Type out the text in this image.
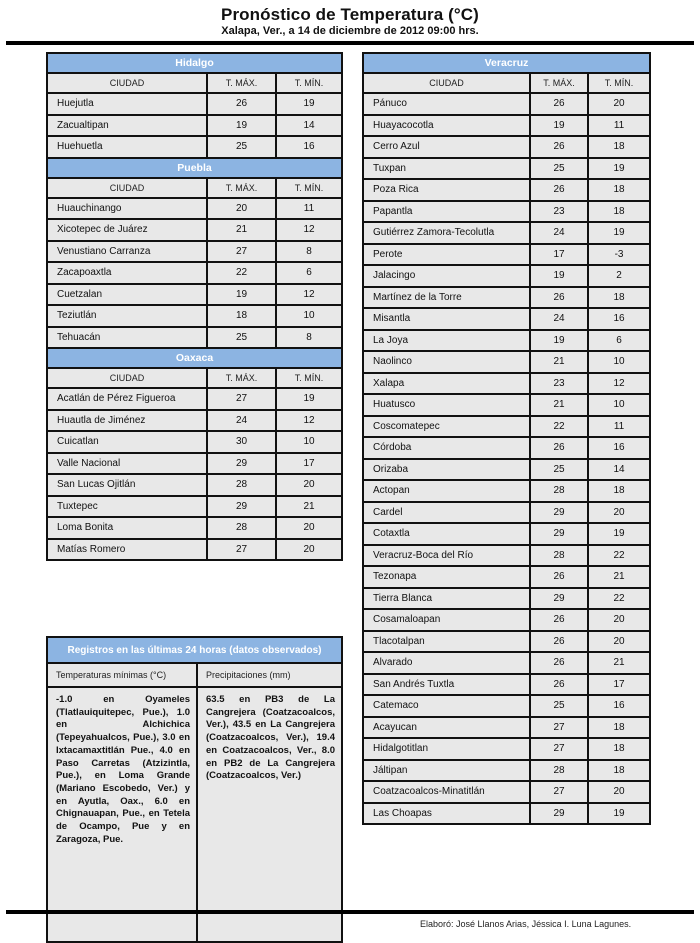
Pronóstico de Temperatura (°C)
Xalapa, Ver., a 14 de diciembre de 2012 09:00 hrs.
Hidalgo		
CIUDAD	T. MÁX.	T. MÍN.
Huejutla	26	19
Zacualtipan	19	14
Huehuetla	25	16
Puebla		
CIUDAD	T. MÁX.	T. MÍN.
Huauchinango	20	11
Xicotepec de Juárez	21	12
Venustiano Carranza	27	8
Zacapoaxtla	22	6
Cuetzalan	19	12
Teziutlán	18	10
Tehuacán	25	8
Oaxaca		
CIUDAD	T. MÁX.	T. MÍN.
Acatlán de Pérez Figueroa	27	19
Huautla de Jiménez	24	12
Cuicatlan	30	10
Valle Nacional	29	17
San Lucas Ojitlán	28	20
Tuxtepec	29	21
Loma Bonita	28	20
Matías Romero	27	20
Veracruz		
CIUDAD	T. MÁX.	T. MÍN.
Pánuco	26	20
Huayacocotla	19	11
Cerro Azul	26	18
Tuxpan	25	19
Poza Rica	26	18
Papantla	23	18
Gutiérrez Zamora-Tecolutla	24	19
Perote	17	-3
Jalacingo	19	2
Martínez de la Torre	26	18
Misantla	24	16
La Joya	19	6
Naolinco	21	10
Xalapa	23	12
Huatusco	21	10
Coscomatepec	22	11
Córdoba	26	16
Orizaba	25	14
Actopan	28	18
Cardel	29	20
Cotaxtla	29	19
Veracruz-Boca del Río	28	22
Tezonapa	26	21
Tierra Blanca	29	22
Cosamaloapan	26	20
Tlacotalpan	26	20
Alvarado	26	21
San Andrés Tuxtla	26	17
Catemaco	25	16
Acayucan	27	18
Hidalgotitlan	27	18
Jáltipan	28	18
Coatzacoalcos-Minatitlán	27	20
Las Choapas	29	19
Registros en las últimas 24 horas (datos observados)	
Temperaturas mínimas (°C)	Precipitaciones (mm)
-1.0 en Oyameles (Tlatlauiquitepec, Pue.), 1.0 en Alchichica (Tepeyahualcos, Pue.), 3.0 en Ixtacamaxtitlán Pue., 4.0 en Paso Carretas (Atzizintla, Pue.), en Loma Grande (Mariano Escobedo, Ver.) y en Ayutla, Oax., 6.0 en Chignauapan, Pue., en Tetela de Ocampo, Pue y en Zaragoza, Pue.	63.5 en PB3 de La Cangrejera (Coatzacoalcos, Ver.), 43.5 en La Cangrejera (Coatzacoalcos, Ver.), 19.4 en Coatzacoalcos, Ver., 8.0 en PB2 de La Cangrejera (Coatzacoalcos, Ver.)
Elaboró: José Llanos Arias, Jéssica I. Luna Lagunes.
